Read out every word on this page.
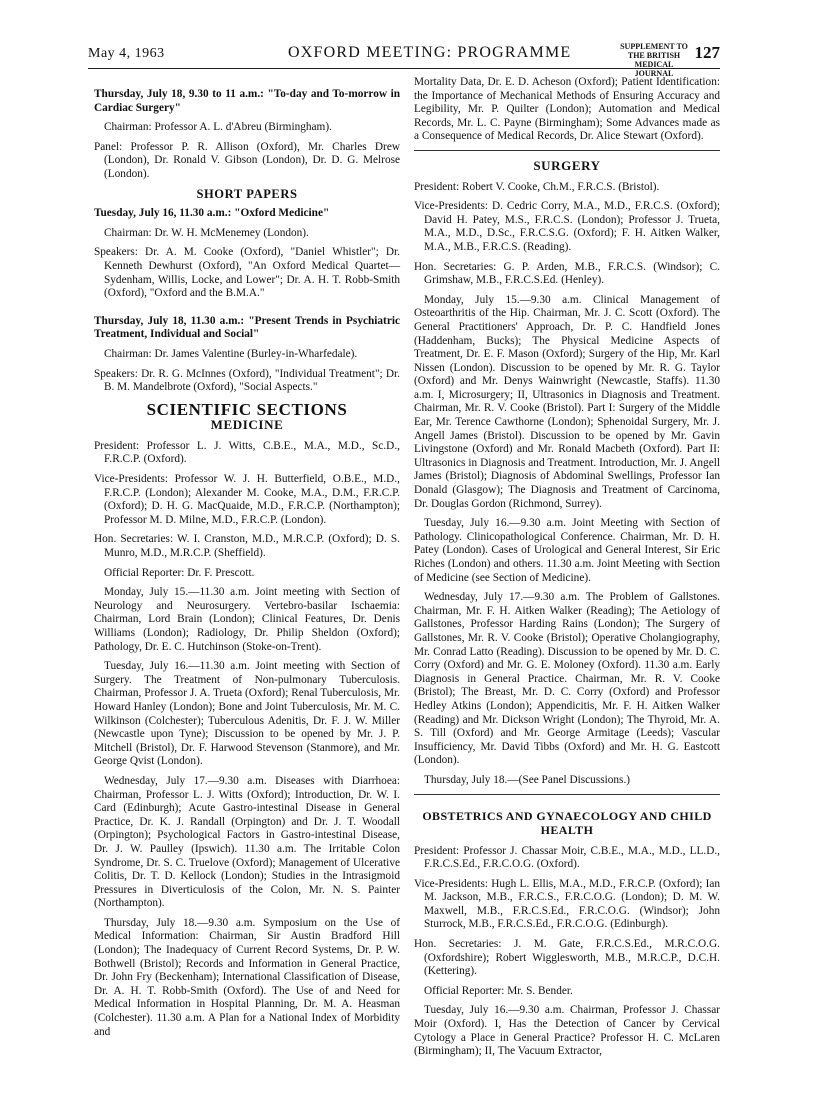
May 4, 1963	OXFORD MEETING: PROGRAMME	SUPPLEMENT TO THE BRITISH MEDICAL JOURNAL
127

Thursday, July 18, 9.30 to 11 a.m.: "To-day and To-morrow in Cardiac Surgery"

Chairman: Professor A. L. d'Abreu (Birmingham).

Panel: Professor P. R. Allison (Oxford), Mr. Charles Drew (London), Dr. Ronald V. Gibson (London), Dr. D. G. Melrose (London).

SHORT PAPERS

Tuesday, July 16, 11.30 a.m.: "Oxford Medicine"

Chairman: Dr. W. H. McMenemey (London).

Speakers: Dr. A. M. Cooke (Oxford), "Daniel Whistler"; Dr. Kenneth Dewhurst (Oxford), "An Oxford Medical Quartet—Sydenham, Willis, Locke, and Lower"; Dr. A. H. T. Robb-Smith (Oxford), "Oxford and the B.M.A."

Thursday, July 18, 11.30 a.m.: "Present Trends in Psychiatric Treatment, Individual and Social"

Chairman: Dr. James Valentine (Burley-in-Wharfedale).

Speakers: Dr. R. G. McInnes (Oxford), "Individual Treatment"; Dr. B. M. Mandelbrote (Oxford), "Social Aspects."

SCIENTIFIC SECTIONS
MEDICINE

President: Professor L. J. Witts, C.B.E., M.A., M.D., Sc.D., F.R.C.P. (Oxford).

Vice-Presidents: Professor W. J. H. Butterfield, O.B.E., M.D., F.R.C.P. (London); Alexander M. Cooke, M.A., D.M., F.R.C.P. (Oxford); D. H. G. MacQuaide, M.D., F.R.C.P. (Northampton); Professor M. D. Milne, M.D., F.R.C.P. (London).

Hon. Secretaries: W. I. Cranston, M.D., M.R.C.P. (Oxford); D. S. Munro, M.D., M.R.C.P. (Sheffield).

Official Reporter: Dr. F. Prescott.

Monday, July 15.—11.30 a.m. Joint meeting with Section of Neurology and Neurosurgery. Vertebro-basilar Ischaemia: Chairman, Lord Brain (London); Clinical Features, Dr. Denis Williams (London); Radiology, Dr. Philip Sheldon (Oxford); Pathology, Dr. E. C. Hutchinson (Stoke-on-Trent).

Tuesday, July 16.—11.30 a.m. Joint meeting with Section of Surgery. The Treatment of Non-pulmonary Tuberculosis. Chairman, Professor J. A. Trueta (Oxford); Renal Tuberculosis, Mr. Howard Hanley (London); Bone and Joint Tuberculosis, Mr. M. C. Wilkinson (Colchester); Tuberculous Adenitis, Dr. F. J. W. Miller (Newcastle upon Tyne); Discussion to be opened by Mr. J. P. Mitchell (Bristol), Dr. F. Harwood Stevenson (Stanmore), and Mr. George Qvist (London).

Wednesday, July 17.—9.30 a.m. Diseases with Diarrhoea: Chairman, Professor L. J. Witts (Oxford); Introduction, Dr. W. I. Card (Edinburgh); Acute Gastro-intestinal Disease in General Practice, Dr. K. J. Randall (Orpington) and Dr. J. T. Woodall (Orpington); Psychological Factors in Gastro-intestinal Disease, Dr. J. W. Paulley (Ipswich). 11.30 a.m. The Irritable Colon Syndrome, Dr. S. C. Truelove (Oxford); Management of Ulcerative Colitis, Dr. T. D. Kellock (London); Studies in the Intrasigmoid Pressures in Diverticulosis of the Colon, Mr. N. S. Painter (Northampton).

Thursday, July 18.—9.30 a.m. Symposium on the Use of Medical Information: Chairman, Sir Austin Bradford Hill (London); The Inadequacy of Current Record Systems, Dr. P. W. Bothwell (Bristol); Records and Information in General Practice, Dr. John Fry (Beckenham); International Classification of Disease, Dr. A. H. T. Robb-Smith (Oxford). The Use of and Need for Medical Information in Hospital Planning, Dr. M. A. Heasman (Colchester). 11.30 a.m. A Plan for a National Index of Morbidity and

Mortality Data, Dr. E. D. Acheson (Oxford); Patient Identification: the Importance of Mechanical Methods of Ensuring Accuracy and Legibility, Mr. P. Quilter (London); Automation and Medical Records, Mr. L. C. Payne (Birmingham); Some Advances made as a Consequence of Medical Records, Dr. Alice Stewart (Oxford).

SURGERY

President: Robert V. Cooke, Ch.M., F.R.C.S. (Bristol).

Vice-Presidents: D. Cedric Corry, M.A., M.D., F.R.C.S. (Oxford); David H. Patey, M.S., F.R.C.S. (London); Professor J. Trueta, M.A., M.D., D.Sc., F.R.C.S.G. (Oxford); F. H. Aitken Walker, M.A., M.B., F.R.C.S. (Reading).

Hon. Secretaries: G. P. Arden, M.B., F.R.C.S. (Windsor); C. Grimshaw, M.B., F.R.C.S.Ed. (Henley).

Monday, July 15.—9.30 a.m. Clinical Management of Osteoarthritis of the Hip. Chairman, Mr. J. C. Scott (Oxford). The General Practitioners' Approach, Dr. P. C. Handfield Jones (Haddenham, Bucks); The Physical Medicine Aspects of Treatment, Dr. E. F. Mason (Oxford); Surgery of the Hip, Mr. Karl Nissen (London). Discussion to be opened by Mr. R. G. Taylor (Oxford) and Mr. Denys Wainwright (Newcastle, Staffs). 11.30 a.m. I, Microsurgery; II, Ultrasonics in Diagnosis and Treatment. Chairman, Mr. R. V. Cooke (Bristol). Part I: Surgery of the Middle Ear, Mr. Terence Cawthorne (London); Sphenoidal Surgery, Mr. J. Angell James (Bristol). Discussion to be opened by Mr. Gavin Livingstone (Oxford) and Mr. Ronald Macbeth (Oxford). Part II: Ultrasonics in Diagnosis and Treatment. Introduction, Mr. J. Angell James (Bristol); Diagnosis of Abdominal Swellings, Professor Ian Donald (Glasgow); The Diagnosis and Treatment of Carcinoma, Dr. Douglas Gordon (Richmond, Surrey).

Tuesday, July 16.—9.30 a.m. Joint Meeting with Section of Pathology. Clinicopathological Conference. Chairman, Mr. D. H. Patey (London). Cases of Urological and General Interest, Sir Eric Riches (London) and others. 11.30 a.m. Joint Meeting with Section of Medicine (see Section of Medicine).

Wednesday, July 17.—9.30 a.m. The Problem of Gallstones. Chairman, Mr. F. H. Aitken Walker (Reading); The Aetiology of Gallstones, Professor Harding Rains (London); The Surgery of Gallstones, Mr. R. V. Cooke (Bristol); Operative Cholangiography, Mr. Conrad Latto (Reading). Discussion to be opened by Mr. D. C. Corry (Oxford) and Mr. G. E. Moloney (Oxford). 11.30 a.m. Early Diagnosis in General Practice. Chairman, Mr. R. V. Cooke (Bristol); The Breast, Mr. D. C. Corry (Oxford) and Professor Hedley Atkins (London); Appendicitis, Mr. F. H. Aitken Walker (Reading) and Mr. Dickson Wright (London); The Thyroid, Mr. A. S. Till (Oxford) and Mr. George Armitage (Leeds); Vascular Insufficiency, Mr. David Tibbs (Oxford) and Mr. H. G. Eastcott (London).

Thursday, July 18.—(See Panel Discussions.)

OBSTETRICS AND GYNAECOLOGY AND CHILD HEALTH

President: Professor J. Chassar Moir, C.B.E., M.A., M.D., LL.D., F.R.C.S.Ed., F.R.C.O.G. (Oxford).

Vice-Presidents: Hugh L. Ellis, M.A., M.D., F.R.C.P. (Oxford); Ian M. Jackson, M.B., F.R.C.S., F.R.C.O.G. (London); D. M. W. Maxwell, M.B., F.R.C.S.Ed., F.R.C.O.G. (Windsor); John Sturrock, M.B., F.R.C.S.Ed., F.R.C.O.G. (Edinburgh).

Hon. Secretaries: J. M. Gate, F.R.C.S.Ed., M.R.C.O.G. (Oxfordshire); Robert Wigglesworth, M.B., M.R.C.P., D.C.H. (Kettering).

Official Reporter: Mr. S. Bender.

Tuesday, July 16.—9.30 a.m. Chairman, Professor J. Chassar Moir (Oxford). I, Has the Detection of Cancer by Cervical Cytology a Place in General Practice? Professor H. C. McLaren (Birmingham); II, The Vacuum Extractor,
